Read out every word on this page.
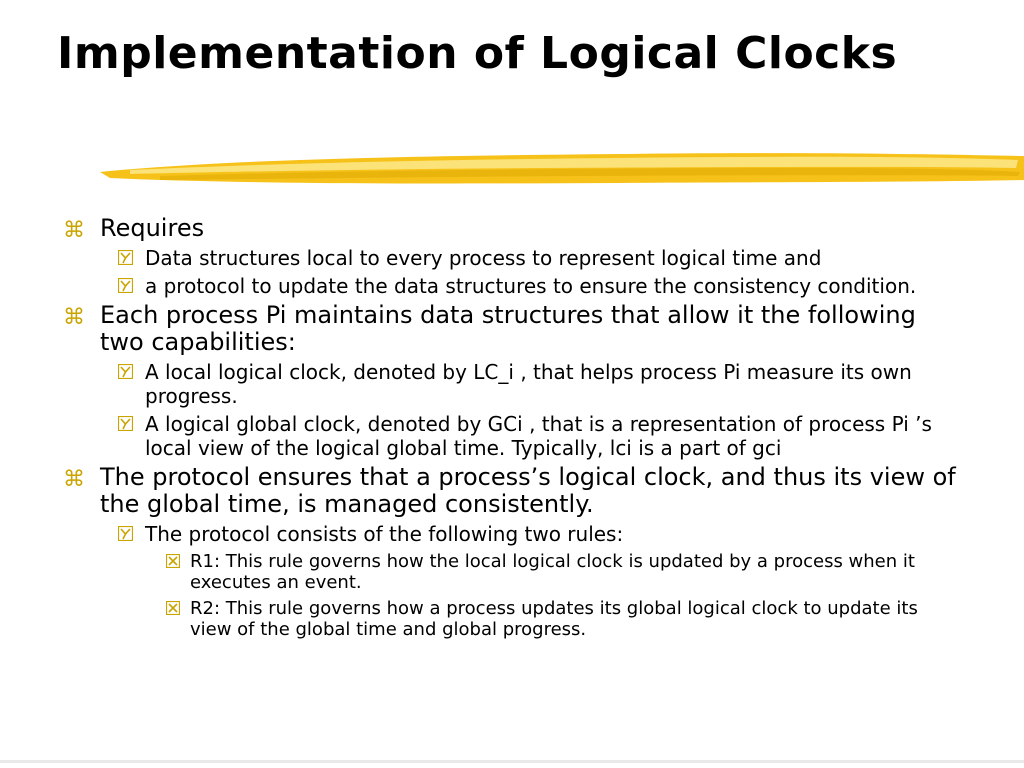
Implementation of Logical Clocks
⌘ Requires
Data structures local to every process to represent logical time and
a protocol to update the data structures to ensure the consistency condition.
⌘ Each process Pi maintains data structures that allow it the following two capabilities:
A local logical clock, denoted by LC_i , that helps process Pi measure its own progress.
A logical global clock, denoted by GCi , that is a representation of process Pi ’s local view of the logical global time. Typically, lci is a part of gci
⌘ The protocol ensures that a process’s logical clock, and thus its view of the global time, is managed consistently.
The protocol consists of the following two rules:
R1: This rule governs how the local logical clock is updated by a process when it executes an event.
R2: This rule governs how a process updates its global logical clock to update its view of the global time and global progress.
